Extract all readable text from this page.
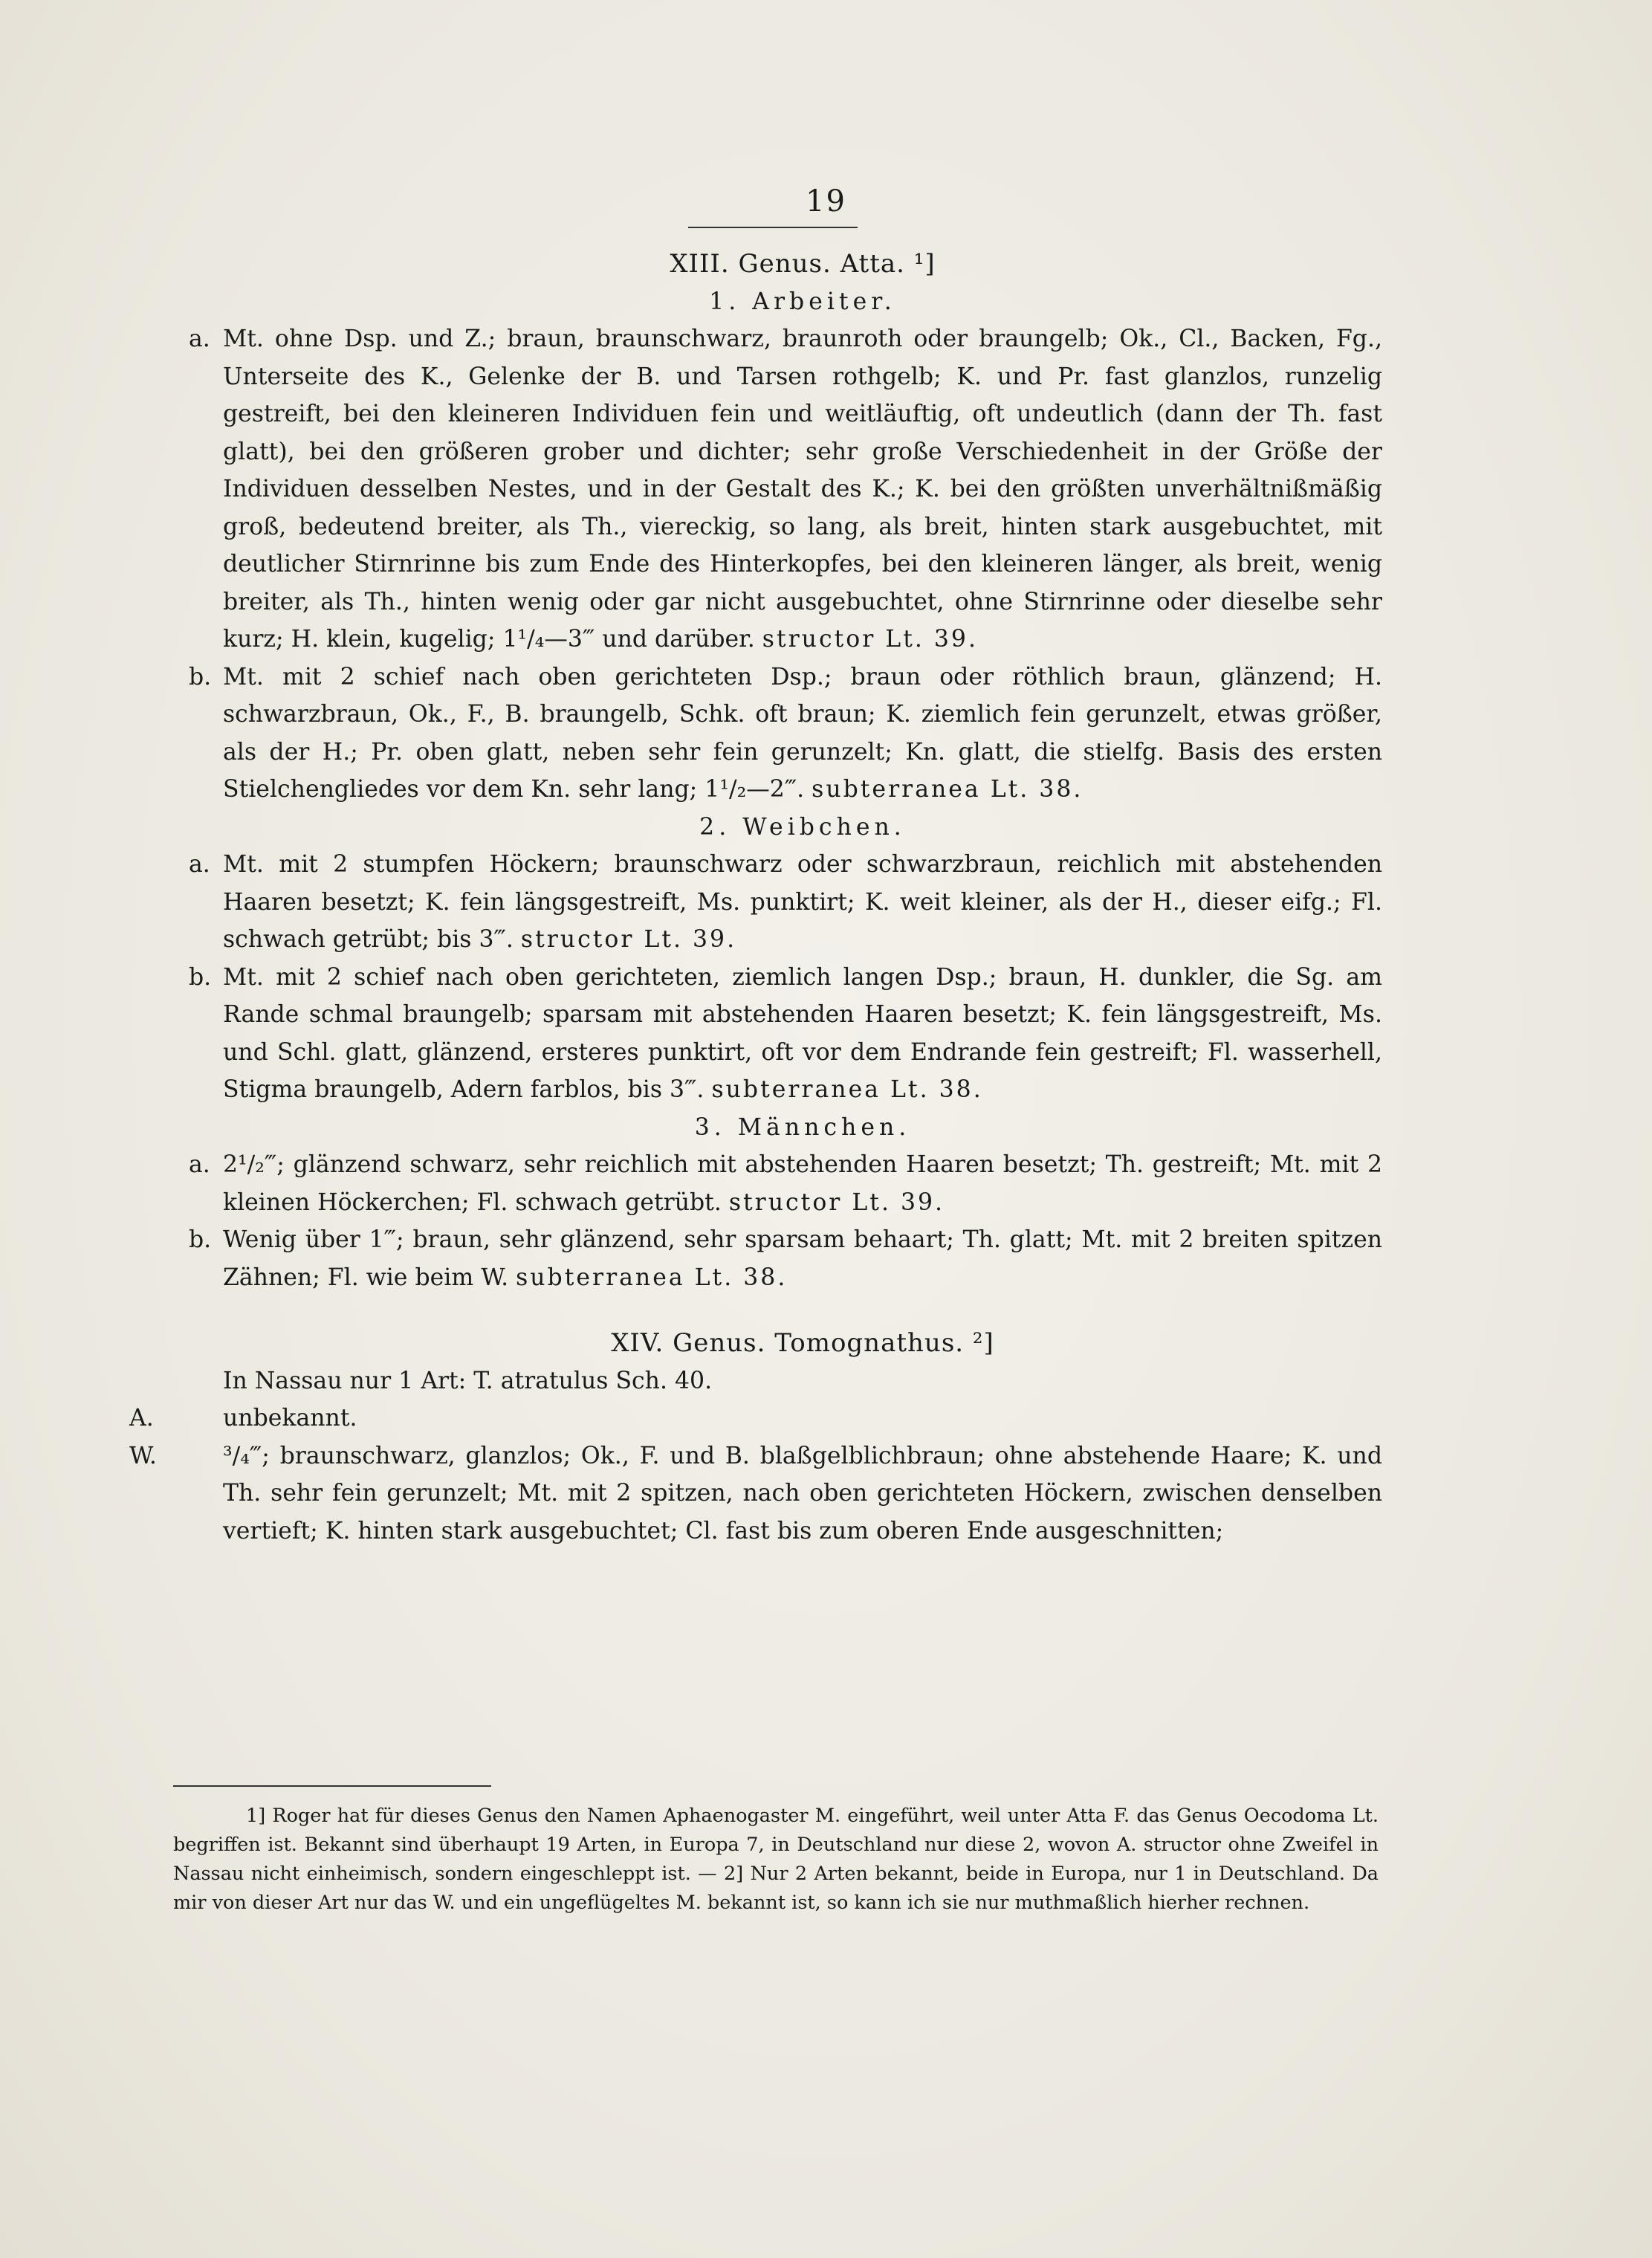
19
XIII. Genus. Atta. ¹]
1. Arbeiter.
a. Mt. ohne Dsp. und Z.; braun, braunschwarz, braunroth oder braungelb; Ok., Cl., Backen, Fg., Unterseite des K., Gelenke der B. und Tarsen rothgelb; K. und Pr. fast glanzlos, runzelig gestreift, bei den kleineren Individuen fein und weitläuftig, oft undeutlich (dann der Th. fast glatt), bei den größeren grober und dichter; sehr große Verschiedenheit in der Größe der Individuen desselben Nestes, und in der Gestalt des K.; K. bei den größten unverhältnißmäßig groß, bedeutend breiter, als Th., viereckig, so lang, als breit, hinten stark ausgebuchtet, mit deutlicher Stirnrinne bis zum Ende des Hinterkopfes, bei den kleineren länger, als breit, wenig breiter, als Th., hinten wenig oder gar nicht ausgebuchtet, ohne Stirnrinne oder dieselbe sehr kurz; H. klein, kugelig; 1¹/₄—3‴ und darüber. structor Lt. 39.
b. Mt. mit 2 schief nach oben gerichteten Dsp.; braun oder röthlich braun, glänzend; H. schwarzbraun, Ok., F., B. braungelb, Schk. oft braun; K. ziemlich fein gerunzelt, etwas größer, als der H.; Pr. oben glatt, neben sehr fein gerunzelt; Kn. glatt, die stielfg. Basis des ersten Stielchengliedes vor dem Kn. sehr lang; 1¹/₂—2‴. subterranea Lt. 38.
2. Weibchen.
a. Mt. mit 2 stumpfen Höckern; braunschwarz oder schwarzbraun, reichlich mit abstehenden Haaren besetzt; K. fein längsgestreift, Ms. punktirt; K. weit kleiner, als der H., dieser eifg.; Fl. schwach getrübt; bis 3‴. structor Lt. 39.
b. Mt. mit 2 schief nach oben gerichteten, ziemlich langen Dsp.; braun, H. dunkler, die Sg. am Rande schmal braungelb; sparsam mit abstehenden Haaren besetzt; K. fein längsgestreift, Ms. und Schl. glatt, glänzend, ersteres punktirt, oft vor dem Endrande fein gestreift; Fl. wasserhell, Stigma braungelb, Adern farblos, bis 3‴. subterranea Lt. 38.
3. Männchen.
a. 2¹/₂‴; glänzend schwarz, sehr reichlich mit abstehenden Haaren besetzt; Th. gestreift; Mt. mit 2 kleinen Höckerchen; Fl. schwach getrübt. structor Lt. 39.
b. Wenig über 1‴; braun, sehr glänzend, sehr sparsam behaart; Th. glatt; Mt. mit 2 breiten spitzen Zähnen; Fl. wie beim W. subterranea Lt. 38.
XIV. Genus. Tomognathus. ²]
In Nassau nur 1 Art: T. atratulus Sch. 40.
A.	unbekannt.
W.	³/₄‴; braunschwarz, glanzlos; Ok., F. und B. blaßgelblichbraun; ohne abstehende Haare; K. und Th. sehr fein gerunzelt; Mt. mit 2 spitzen, nach oben gerichteten Höckern, zwischen denselben vertieft; K. hinten stark ausgebuchtet; Cl. fast bis zum oberen Ende ausgeschnitten;
1] Roger hat für dieses Genus den Namen Aphaenogaster M. eingeführt, weil unter Atta F. das Genus Oecodoma Lt. begriffen ist. Bekannt sind überhaupt 19 Arten, in Europa 7, in Deutschland nur diese 2, wovon A. structor ohne Zweifel in Nassau nicht einheimisch, sondern eingeschleppt ist. — 2] Nur 2 Arten bekannt, beide in Europa, nur 1 in Deutschland. Da mir von dieser Art nur das W. und ein ungeflügeltes M. bekannt ist, so kann ich sie nur muthmaßlich hierher rechnen.
